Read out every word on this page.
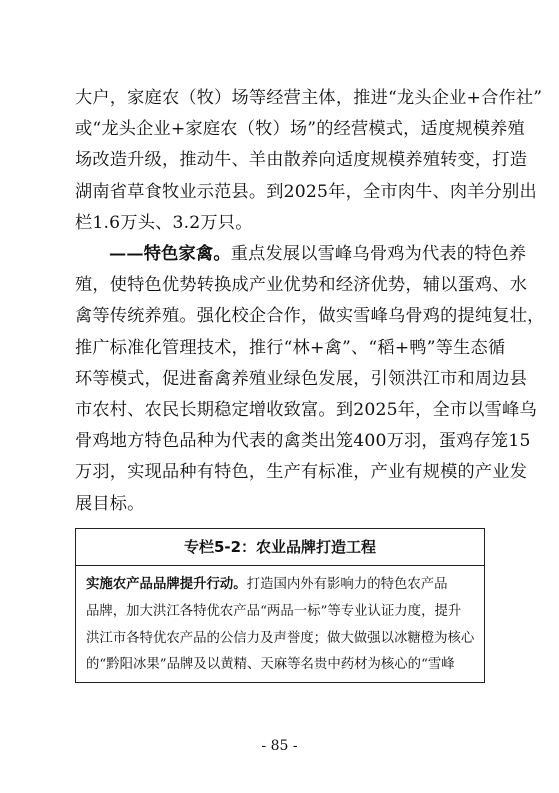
大户，家庭农（牧）场等经营主体，推进“龙头企业+合作社”
或“龙头企业+家庭农（牧）场”的经营模式，适度规模养殖
场改造升级，推动牛、羊由散养向适度规模养殖转变，打造
湖南省草食牧业示范县。到2025年，全市肉牛、肉羊分别出
栏1.6万头、3.2万只。
——特色家禽。重点发展以雪峰乌骨鸡为代表的特色养
殖，使特色优势转换成产业优势和经济优势，辅以蛋鸡、水
禽等传统养殖。强化校企合作，做实雪峰乌骨鸡的提纯复壮，
推广标准化管理技术，推行“林+禽”、“稻+鸭”等生态循
环等模式，促进畜禽养殖业绿色发展，引领洪江市和周边县
市农村、农民长期稳定增收致富。到2025年，全市以雪峰乌
骨鸡地方特色品种为代表的禽类出笼400万羽，蛋鸡存笼15
万羽，实现品种有特色，生产有标准，产业有规模的产业发
展目标。
专栏5-2：农业品牌打造工程
实施农产品品牌提升行动。打造国内外有影响力的特色农产品
品牌，加大洪江各特优农产品“两品一标”等专业认证力度，提升
洪江市各特优农产品的公信力及声誉度；做大做强以冰糖橙为核心
的“黔阳冰果”品牌及以黄精、天麻等名贵中药材为核心的“雪峰
- 85 -
